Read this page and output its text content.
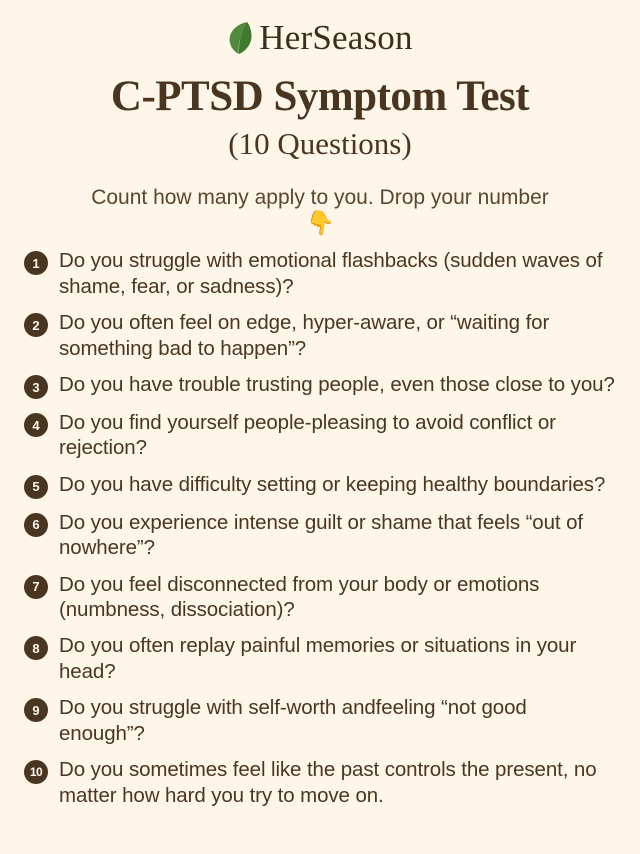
HerSeason
C-PTSD Symptom Test
(10 Questions)
Count how many apply to you. Drop your number
👇
1 Do you struggle with emotional flashbacks (sudden waves of shame, fear, or sadness)?
2 Do you often feel on edge, hyper-aware, or “waiting for something bad to happen”?
3 Do you have trouble trusting people, even those close to you?
4 Do you find yourself people-pleasing to avoid conflict or rejection?
5 Do you have difficulty setting or keeping healthy boundaries?
6 Do you experience intense guilt or shame that feels “out of nowhere”?
7 Do you feel disconnected from your body or emotions (numbness, dissociation)?
8 Do you often replay painful memories or situations in your head?
9 Do you struggle with self-worth andfeeling “not good enough”?
10 Do you sometimes feel like the past controls the present, no matter how hard you try to move on.
